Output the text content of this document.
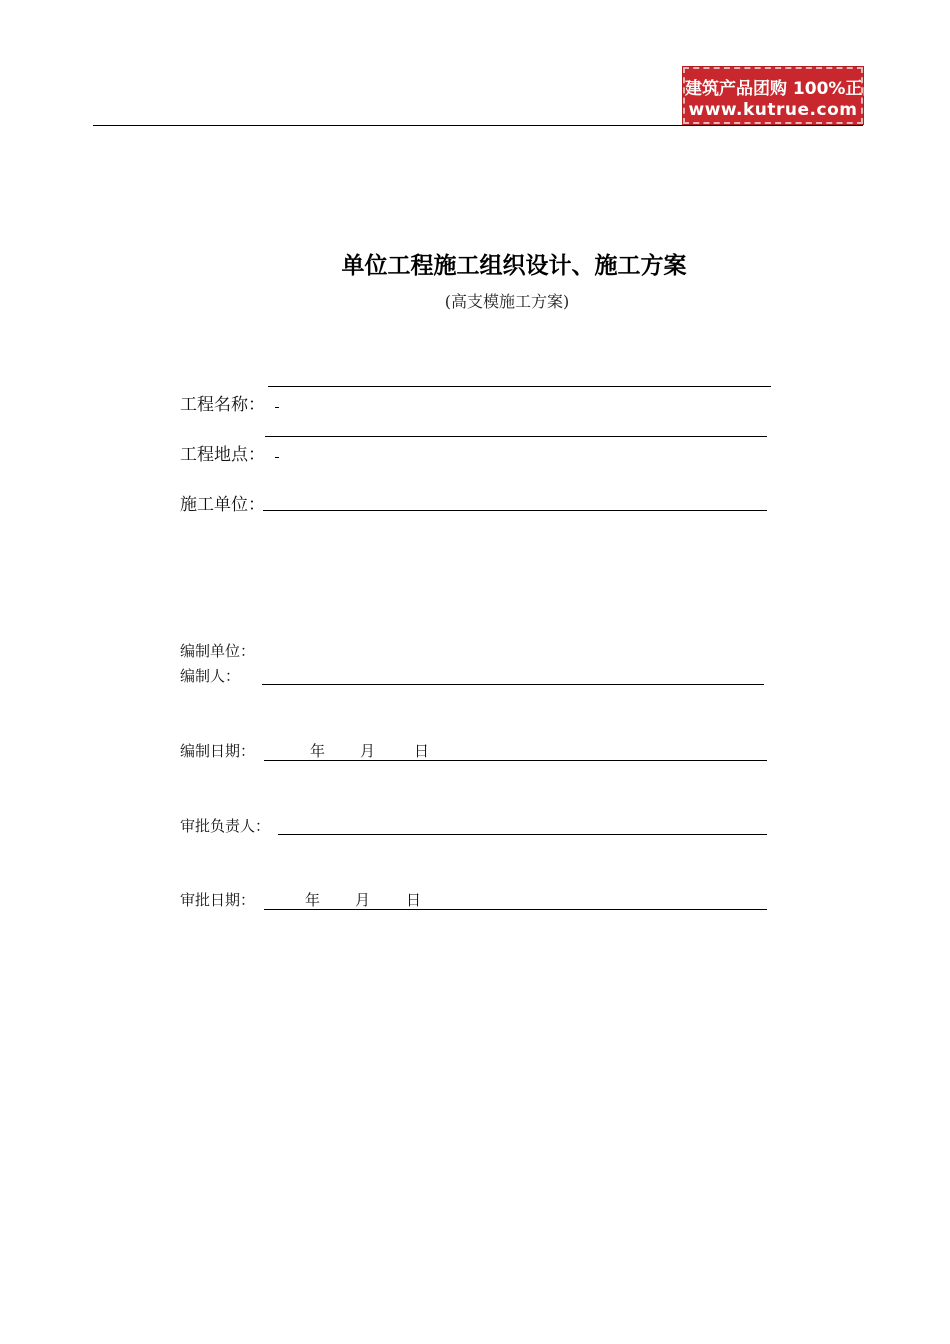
建筑产品团购 100%正品
www.kutrue.com
单位工程施工组织设计、施工方案
(高支模施工方案)
工程名称：
工程地点：
施工单位：
编制单位：
编制人：
编制日期：	年 月	日
审批负责人：
审批日期：	年 月 日
